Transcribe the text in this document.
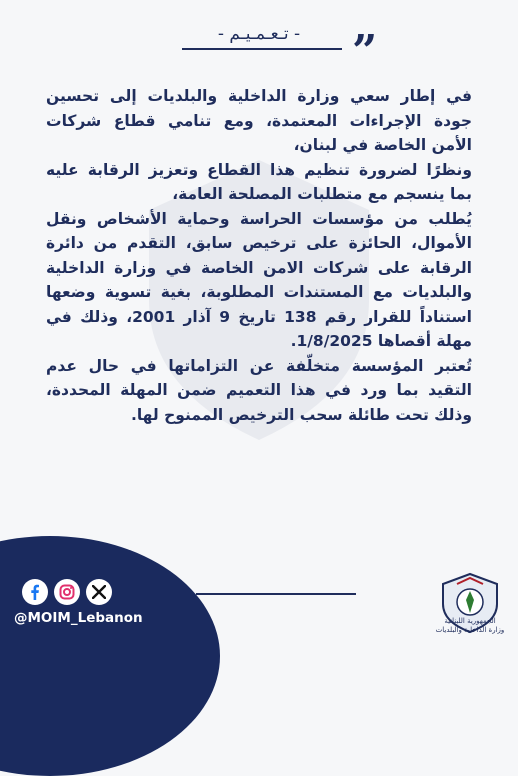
- تـعـمـيـم -	”

في إطار سعي وزارة الداخلية والبلديات إلى تحسين جودة الإجراءات المعتمدة، ومع تنامي قطاع شركات الأمن الخاصة في لبنان،

ونظرًا لضرورة تنظيم هذا القطاع وتعزيز الرقابة عليه بما ينسجم مع متطلبات المصلحة العامة،

يُطلب من مؤسسات الحراسة وحماية الأشخاص ونقل الأموال، الحائزة على ترخيص سابق، التقدم من دائرة الرقابة على شركات الامن الخاصة في وزارة الداخلية والبلديات مع المستندات المطلوبة، بغية تسوية وضعها استناداً للقرار رقم 138 تاريخ 9 آذار 2001، وذلك في مهلة أقصاها 1/8/2025.

تُعتبر المؤسسة متخلّفة عن التزاماتها في حال عدم التقيد بما ورد في هذا التعميم ضمن المهلة المحددة، وذلك تحت طائلة سحب الترخيص الممنوح لها.

@MOIM_Lebanon	الجمهورية اللبنانية
وزارة الداخلية والبلديات
